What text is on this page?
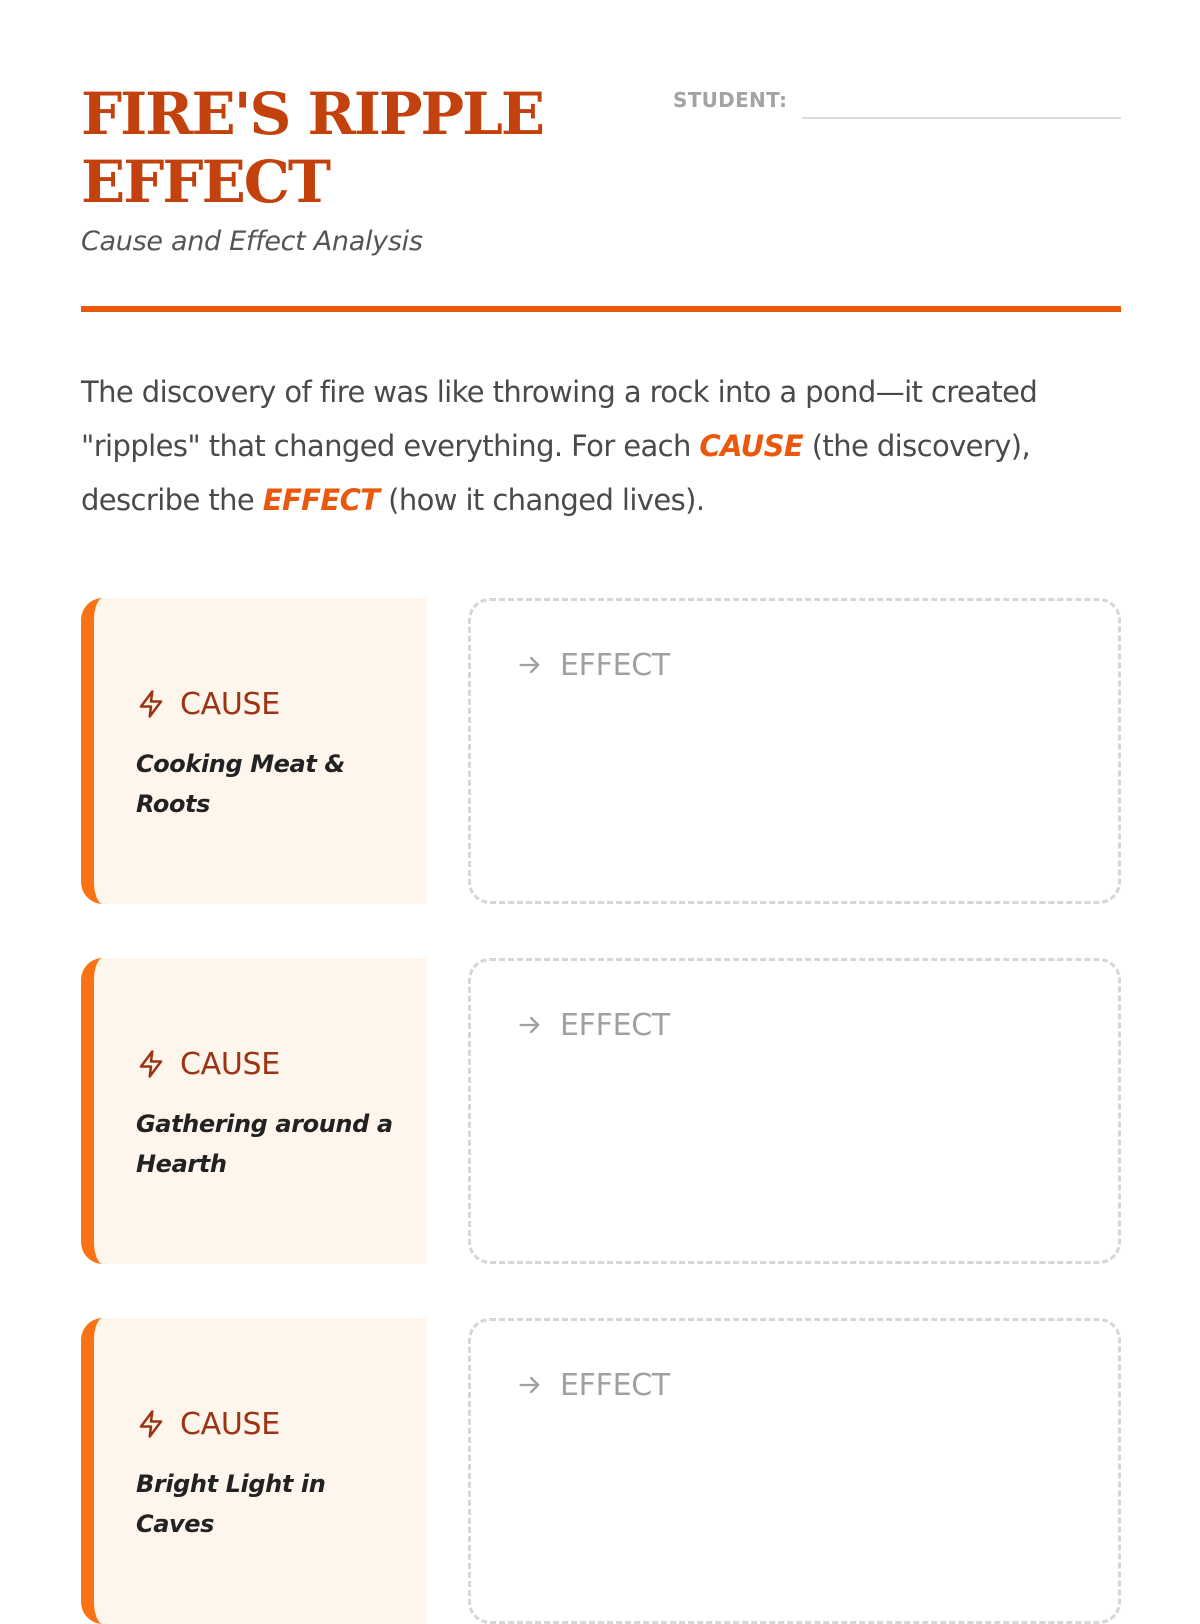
FIRE'S RIPPLE EFFECT
Cause and Effect Analysis
STUDENT:

The discovery of fire was like throwing a rock into a pond—it created "ripples" that changed everything. For each CAUSE (the discovery), describe the EFFECT (how it changed lives).

CAUSE
Cooking Meat & Roots
EFFECT
CAUSE
Gathering around a Hearth
EFFECT
CAUSE
Bright Light in Caves
EFFECT
